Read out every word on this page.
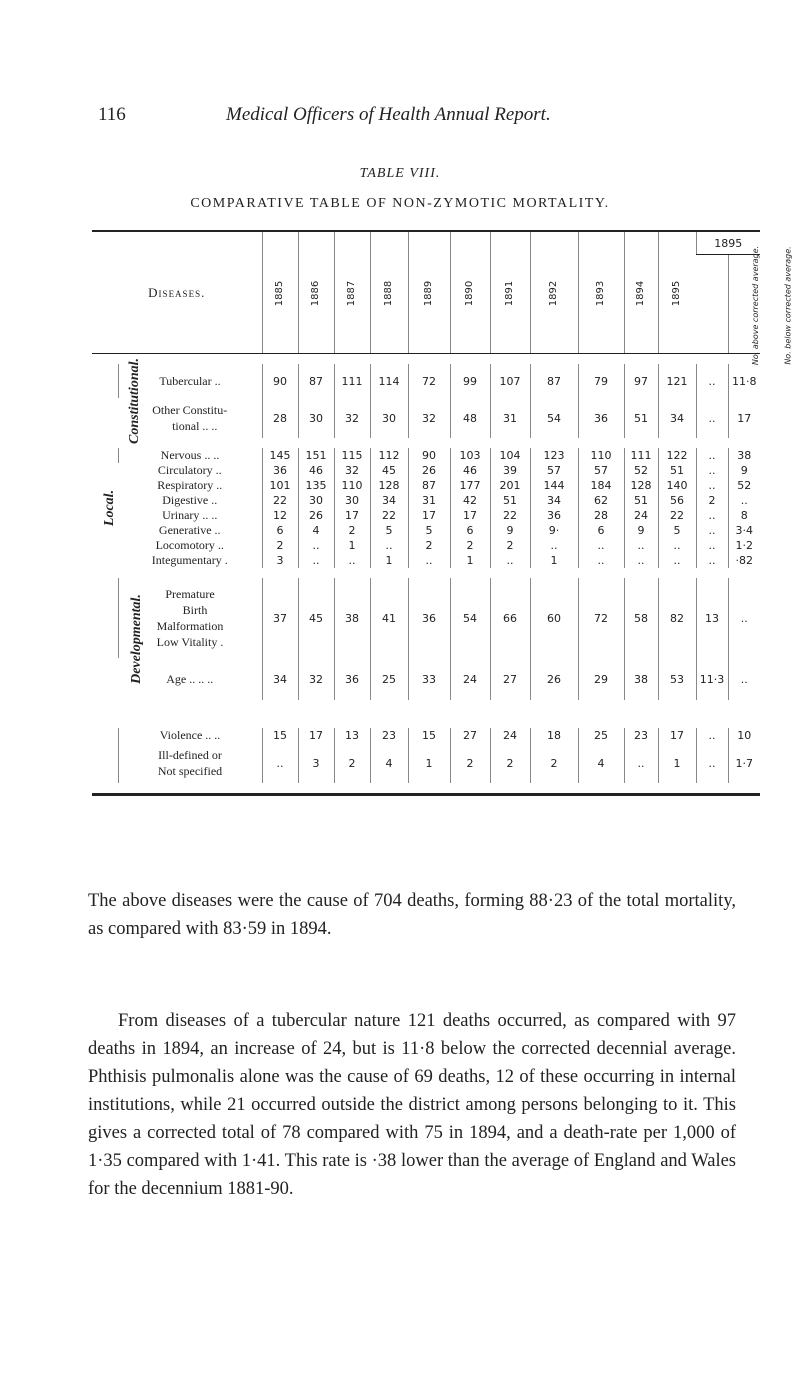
116	Medical Officers of Health Annual Report.
TABLE VIII.
COMPARATIVE TABLE OF NON-ZYMOTIC MORTALITY.
Diseases.		1885	1886	1887	1888	1889	1890	1891	1892	1893	1894	1895	1895	
													No. above corrected average.	No. below corrected average.

Constitutional.	Tubercular ..	90	87	111	114	72	99	107	87	79	97	121	..	11·8
	Other Constitu-
tional .. ..	28	30	32	30	32	48	31	54	36	51	34	..	17

Local.	Nervous .. ..	145	151	115	112	90	103	104	123	110	111	122	..	38
	Circulatory ..	36	46	32	45	26	46	39	57	57	52	51	..	9
	Respiratory ..	101	135	110	128	87	177	201	144	184	128	140	..	52
	Digestive ..	22	30	30	34	31	42	51	34	62	51	56	2	..
	Urinary .. ..	12	26	17	22	17	17	22	36	28	24	22	..	8
	Generative ..	6	4	2	5	5	6	9	9·	6	9	5	..	3·4
	Locomotory ..	2	..	1	..	2	2	2	..	..	..	..	..	1·2
	Integumentary .	3	..	..	1	..	1	..	1	..	..	..	..	·82

Developmental.	Premature
Birth
Malformation
Low Vitality .	37	45	38	41	36	54	66	60	72	58	82	13	..
	Age .. .. ..	34	32	36	25	33	24	27	26	29	38	53	11·3	..

	Violence .. ..	15	17	13	23	15	27	24	18	25	23	17	..	10
	Ill-defined or
Not specified	..	3	2	4	1	2	2	2	4	..	1	..	1·7

The above diseases were the cause of 704 deaths, forming 88·23 of the total mortality, as compared with 83·59 in 1894.

From diseases of a tubercular nature 121 deaths occurred, as compared with 97 deaths in 1894, an increase of 24, but is 11·8 below the corrected decennial average. Phthisis pulmonalis alone was the cause of 69 deaths, 12 of these occurring in internal institutions, while 21 occurred outside the district among persons belonging to it. This gives a corrected total of 78 compared with 75 in 1894, and a death-rate per 1,000 of 1·35 compared with 1·41. This rate is ·38 lower than the average of England and Wales for the decennium 1881-90.
